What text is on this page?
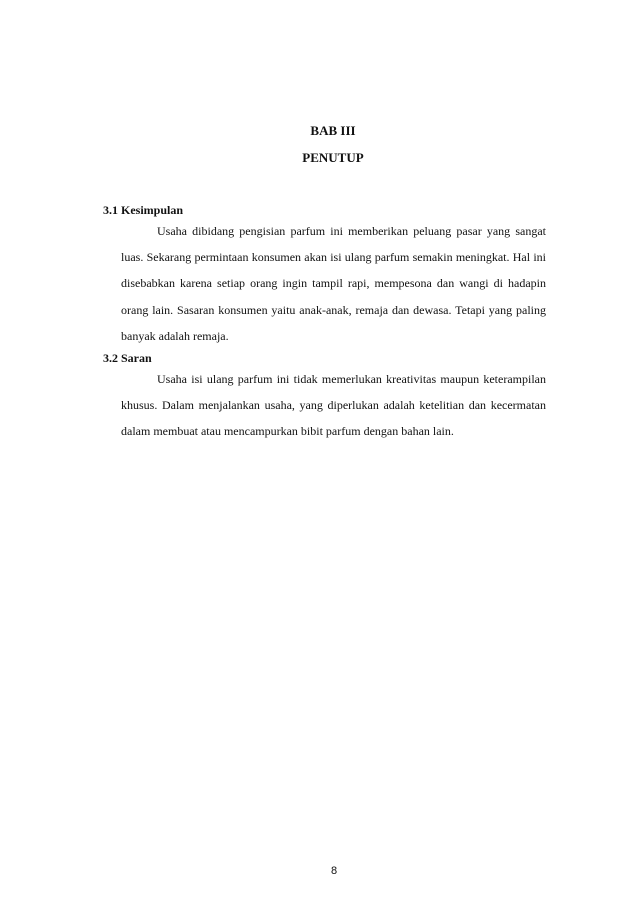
BAB III
PENUTUP
3.1 Kesimpulan

Usaha dibidang pengisian parfum ini memberikan peluang pasar yang sangat luas. Sekarang permintaan konsumen akan isi ulang parfum semakin meningkat. Hal ini disebabkan karena setiap orang ingin tampil rapi, mempesona dan wangi di hadapin orang lain. Sasaran konsumen yaitu anak-anak, remaja dan dewasa. Tetapi yang paling banyak adalah remaja.

3.2 Saran

Usaha isi ulang parfum ini tidak memerlukan kreativitas maupun keterampilan khusus. Dalam menjalankan usaha, yang diperlukan adalah ketelitian dan kecermatan dalam membuat atau mencampurkan bibit parfum dengan bahan lain.

8
